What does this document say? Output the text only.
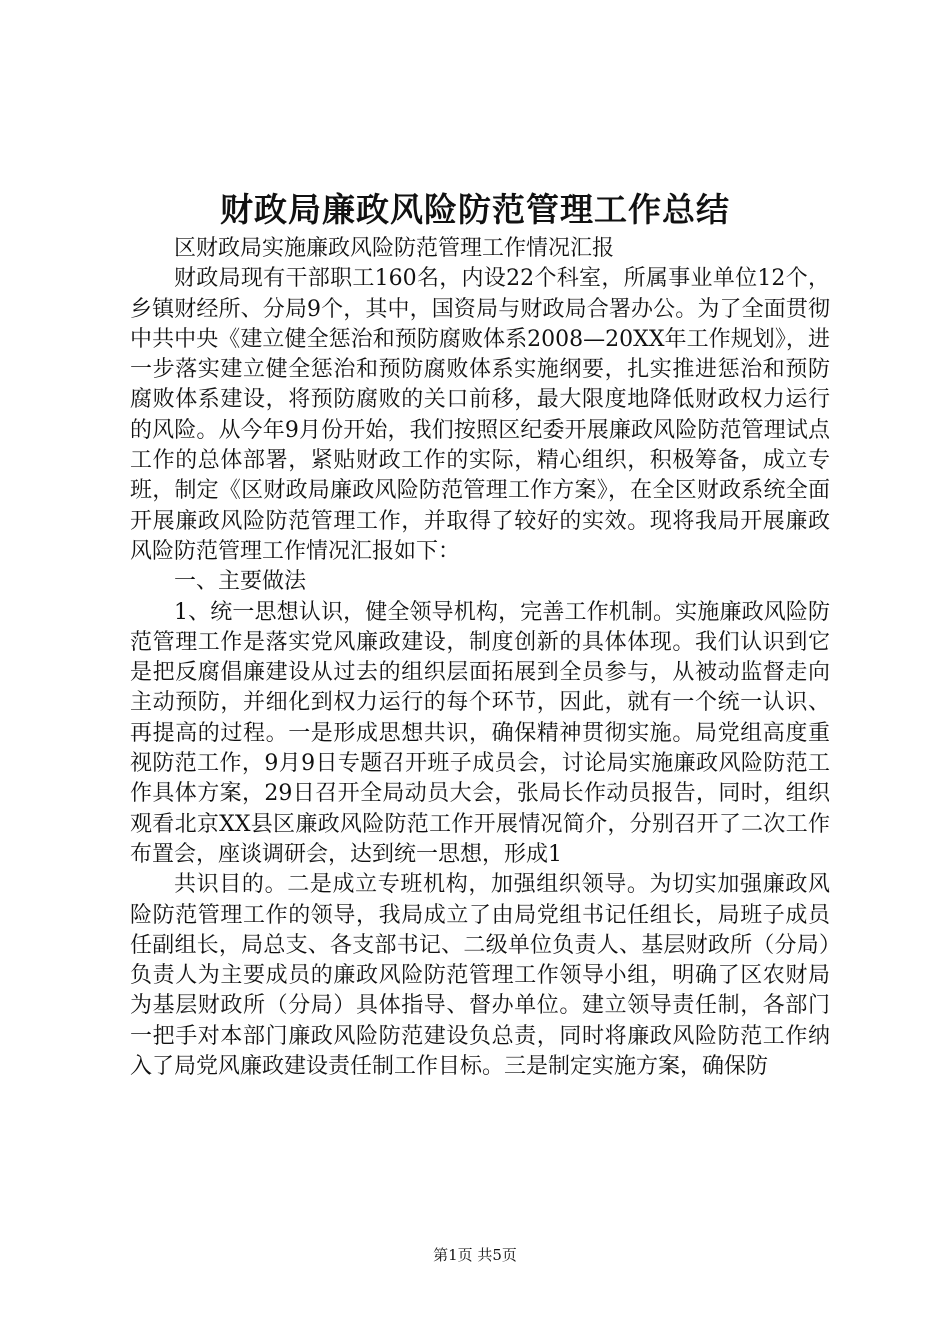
财政局廉政风险防范管理工作总结

区财政局实施廉政风险防范管理工作情况汇报

财政局现有干部职工160名，内设22个科室，所属事业单位12个，乡镇财经所、分局9个，其中，国资局与财政局合署办公。为了全面贯彻中共中央《建立健全惩治和预防腐败体系2008—20XX年工作规划》，进一步落实建立健全惩治和预防腐败体系实施纲要，扎实推进惩治和预防腐败体系建设，将预防腐败的关口前移，最大限度地降低财政权力运行的风险。从今年9月份开始，我们按照区纪委开展廉政风险防范管理试点工作的总体部署，紧贴财政工作的实际，精心组织，积极筹备，成立专班，制定《区财政局廉政风险防范管理工作方案》，在全区财政系统全面开展廉政风险防范管理工作，并取得了较好的实效。现将我局开展廉政风险防范管理工作情况汇报如下：

一、主要做法

1、统一思想认识，健全领导机构，完善工作机制。实施廉政风险防范管理工作是落实党风廉政建设，制度创新的具体体现。我们认识到它是把反腐倡廉建设从过去的组织层面拓展到全员参与，从被动监督走向主动预防，并细化到权力运行的每个环节，因此，就有一个统一认识、再提高的过程。一是形成思想共识，确保精神贯彻实施。局党组高度重视防范工作，9月9日专题召开班子成员会，讨论局实施廉政风险防范工作具体方案，29日召开全局动员大会，张局长作动员报告，同时，组织观看北京XX县区廉政风险防范工作开展情况简介，分别召开了二次工作布置会，座谈调研会，达到统一思想，形成1

共识目的。二是成立专班机构，加强组织领导。为切实加强廉政风险防范管理工作的领导，我局成立了由局党组书记任组长，局班子成员任副组长，局总支、各支部书记、二级单位负责人、基层财政所（分局）负责人为主要成员的廉政风险防范管理工作领导小组，明确了区农财局为基层财政所（分局）具体指导、督办单位。建立领导责任制，各部门一把手对本部门廉政风险防范建设负总责，同时将廉政风险防范工作纳入了局党风廉政建设责任制工作目标。三是制定实施方案，确保防

第1页 共5页
